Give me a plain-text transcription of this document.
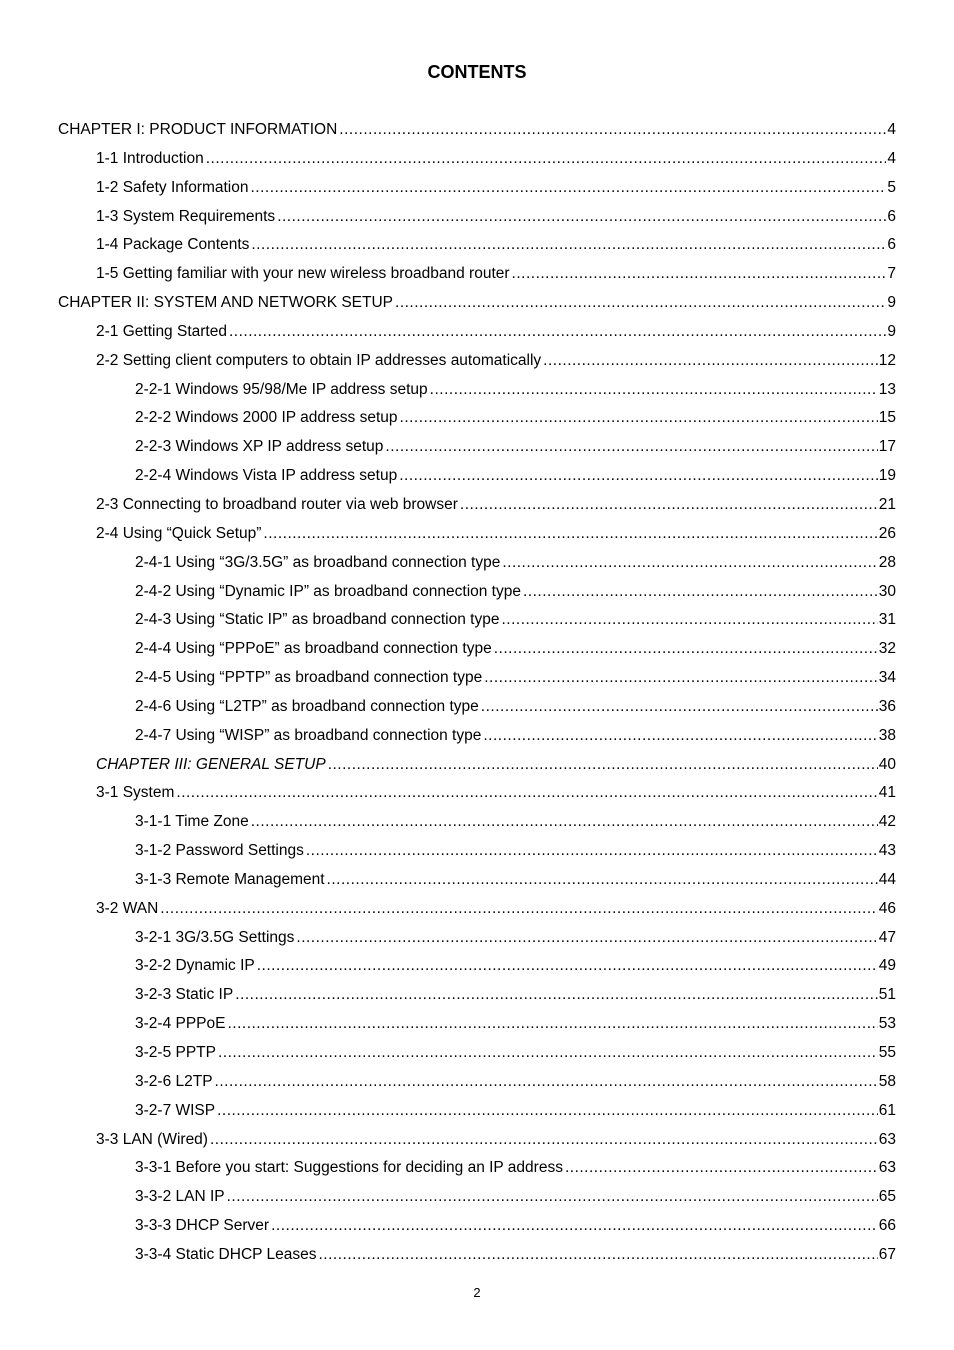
CONTENTS
CHAPTER I: PRODUCT INFORMATION .....	4
1-1 Introduction .....	4
1-2 Safety Information .....	5
1-3 System Requirements .....	6
1-4 Package Contents .....	6
1-5 Getting familiar with your new wireless broadband router .....	7
CHAPTER II: SYSTEM AND NETWORK SETUP .....	9
2-1 Getting Started .....	9
2-2 Setting client computers to obtain IP addresses automatically .....	12
2-2-1 Windows 95/98/Me IP address setup .....	13
2-2-2 Windows 2000 IP address setup .....	15
2-2-3 Windows XP IP address setup .....	17
2-2-4 Windows Vista IP address setup .....	19
2-3 Connecting to broadband router via web browser .....	21
2-4 Using “Quick Setup” .....	26
2-4-1 Using “3G/3.5G” as broadband connection type .....	28
2-4-2 Using “Dynamic IP” as broadband connection type .....	30
2-4-3 Using “Static IP” as broadband connection type .....	31
2-4-4 Using “PPPoE” as broadband connection type .....	32
2-4-5 Using “PPTP” as broadband connection type .....	34
2-4-6 Using “L2TP” as broadband connection type .....	36
2-4-7 Using “WISP” as broadband connection type .....	38
CHAPTER III: GENERAL SETUP .....	40
3-1 System .....	41
3-1-1 Time Zone .....	42
3-1-2 Password Settings .....	43
3-1-3 Remote Management .....	44
3-2 WAN .....	46
3-2-1 3G/3.5G Settings .....	47
3-2-2 Dynamic IP .....	49
3-2-3 Static IP .....	51
3-2-4 PPPoE .....	53
3-2-5 PPTP .....	55
3-2-6 L2TP .....	58
3-2-7 WISP .....	61
3-3 LAN (Wired) .....	63
3-3-1 Before you start: Suggestions for deciding an IP address .....	63
3-3-2 LAN IP .....	65
3-3-3 DHCP Server .....	66
3-3-4 Static DHCP Leases .....	67
2
